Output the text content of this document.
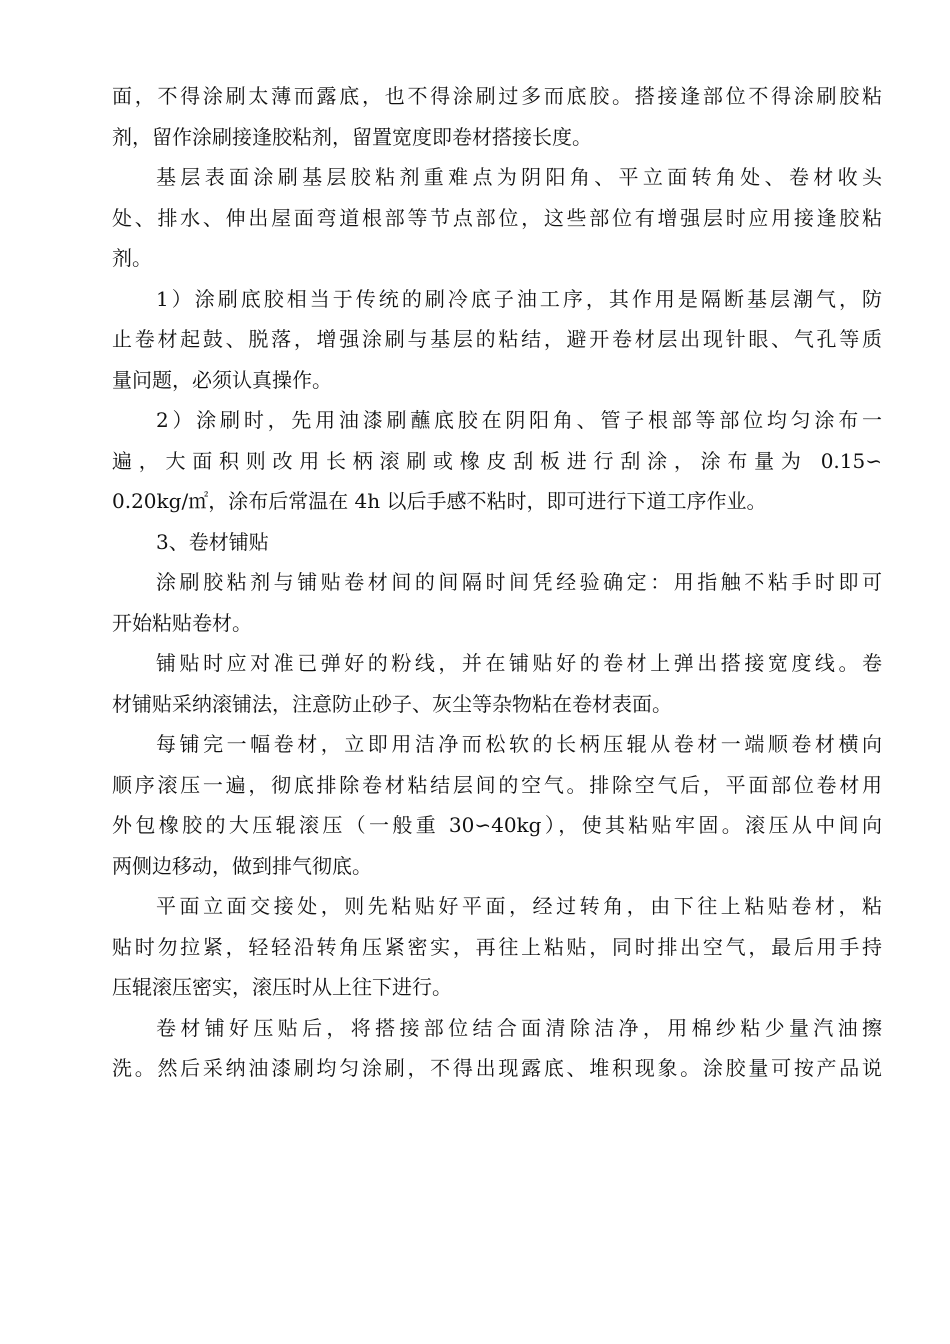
面，不得涂刷太薄而露底，也不得涂刷过多而底胶。搭接逢部位不得涂刷胶粘
剂，留作涂刷接逢胶粘剂，留置宽度即卷材搭接长度。

基层表面涂刷基层胶粘剂重难点为阴阳角、平立面转角处、卷材收头
处、排水、伸出屋面弯道根部等节点部位，这些部位有增强层时应用接逢胶粘
剂。

1）涂刷底胶相当于传统的刷冷底子油工序，其作用是隔断基层潮气，防
止卷材起鼓、脱落，增强涂刷与基层的粘结，避开卷材层出现针眼、气孔等质
量问题，必须认真操作。

2）涂刷时，先用油漆刷蘸底胶在阴阳角、管子根部等部位均匀涂布一
遍，大面积则改用长柄滚刷或橡皮刮板进行刮涂，涂布量为 0.15∽
0.20kg/㎡，涂布后常温在 4h 以后手感不粘时，即可进行下道工序作业。

3、卷材铺贴

涂刷胶粘剂与铺贴卷材间的间隔时间凭经验确定：用指触不粘手时即可
开始粘贴卷材。

铺贴时应对准已弹好的粉线，并在铺贴好的卷材上弹出搭接宽度线。卷
材铺贴采纳滚铺法，注意防止砂子、灰尘等杂物粘在卷材表面。

每铺完一幅卷材，立即用洁净而松软的长柄压辊从卷材一端顺卷材横向
顺序滚压一遍，彻底排除卷材粘结层间的空气。排除空气后，平面部位卷材用
外包橡胶的大压辊滚压（一般重 30∽40kg），使其粘贴牢固。滚压从中间向
两侧边移动，做到排气彻底。

平面立面交接处，则先粘贴好平面，经过转角，由下往上粘贴卷材，粘
贴时勿拉紧，轻轻沿转角压紧密实，再往上粘贴，同时排出空气，最后用手持
压辊滚压密实，滚压时从上往下进行。

卷材铺好压贴后，将搭接部位结合面清除洁净，用棉纱粘少量汽油擦
洗。然后采纳油漆刷均匀涂刷，不得出现露底、堆积现象。涂胶量可按产品说
